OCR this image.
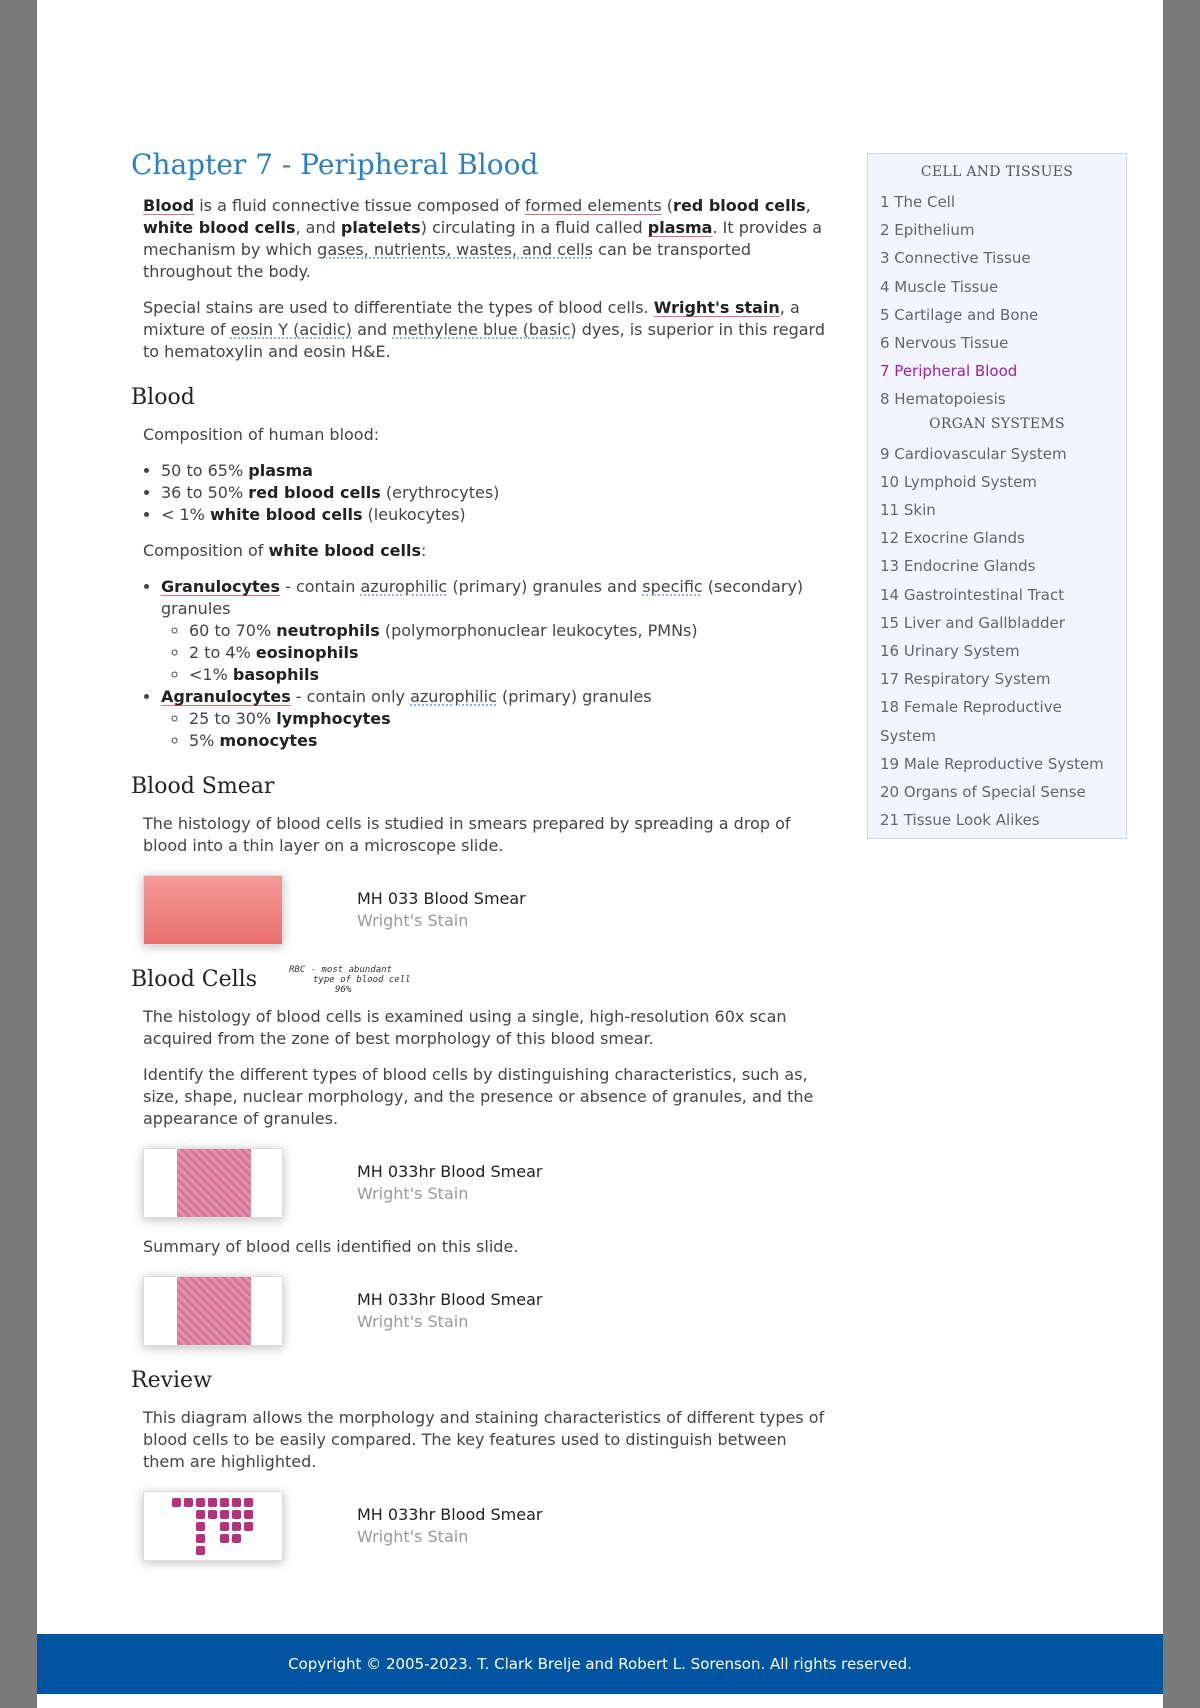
Chapter 7 - Peripheral Blood

Blood is a fluid connective tissue composed of formed elements (red blood cells, white blood cells, and platelets) circulating in a fluid called plasma. It provides a mechanism by which gases, nutrients, wastes, and cells can be transported throughout the body.

Special stains are used to differentiate the types of blood cells. Wright's stain, a mixture of eosin Y (acidic) and methylene blue (basic) dyes, is superior in this regard to hematoxylin and eosin H&E.

Blood

Composition of human blood:

• 50 to 65% plasma
• 36 to 50% red blood cells (erythrocytes)
• < 1% white blood cells (leukocytes)

Composition of white blood cells:

• Granulocytes - contain azurophilic (primary) granules and specific (secondary) granules
◦ 60 to 70% neutrophils (polymorphonuclear leukocytes, PMNs)
◦ 2 to 4% eosinophils
◦ <1% basophils
• Agranulocytes - contain only azurophilic (primary) granules
◦ 25 to 30% lymphocytes
◦ 5% monocytes
Blood Smear

The histology of blood cells is studied in smears prepared by spreading a drop of blood into a thin layer on a microscope slide.

MH 033 Blood Smear
Wright's Stain
Blood Cells	RBC - most abundant
type of blood cell
96%

The histology of blood cells is examined using a single, high-resolution 60x scan acquired from the zone of best morphology of this blood smear.

Identify the different types of blood cells by distinguishing characteristics, such as, size, shape, nuclear morphology, and the presence or absence of granules, and the appearance of granules.

MH 033hr Blood Smear
Wright's Stain

Summary of blood cells identified on this slide.

MH 033hr Blood Smear
Wright's Stain
Review

This diagram allows the morphology and staining characteristics of different types of blood cells to be easily compared. The key features used to distinguish between them are highlighted.

MH 033hr Blood Smear
Wright's Stain
CELL AND TISSUES
1 The Cell
2 Epithelium
3 Connective Tissue
4 Muscle Tissue
5 Cartilage and Bone
6 Nervous Tissue
7 Peripheral Blood
8 Hematopoiesis
ORGAN SYSTEMS
9 Cardiovascular System
10 Lymphoid System
11 Skin
12 Exocrine Glands
13 Endocrine Glands
14 Gastrointestinal Tract
15 Liver and Gallbladder
16 Urinary System
17 Respiratory System
18 Female Reproductive System
19 Male Reproductive System
20 Organs of Special Sense
21 Tissue Look Alikes
Copyright © 2005-2023. T. Clark Brelje and Robert L. Sorenson. All rights reserved.
